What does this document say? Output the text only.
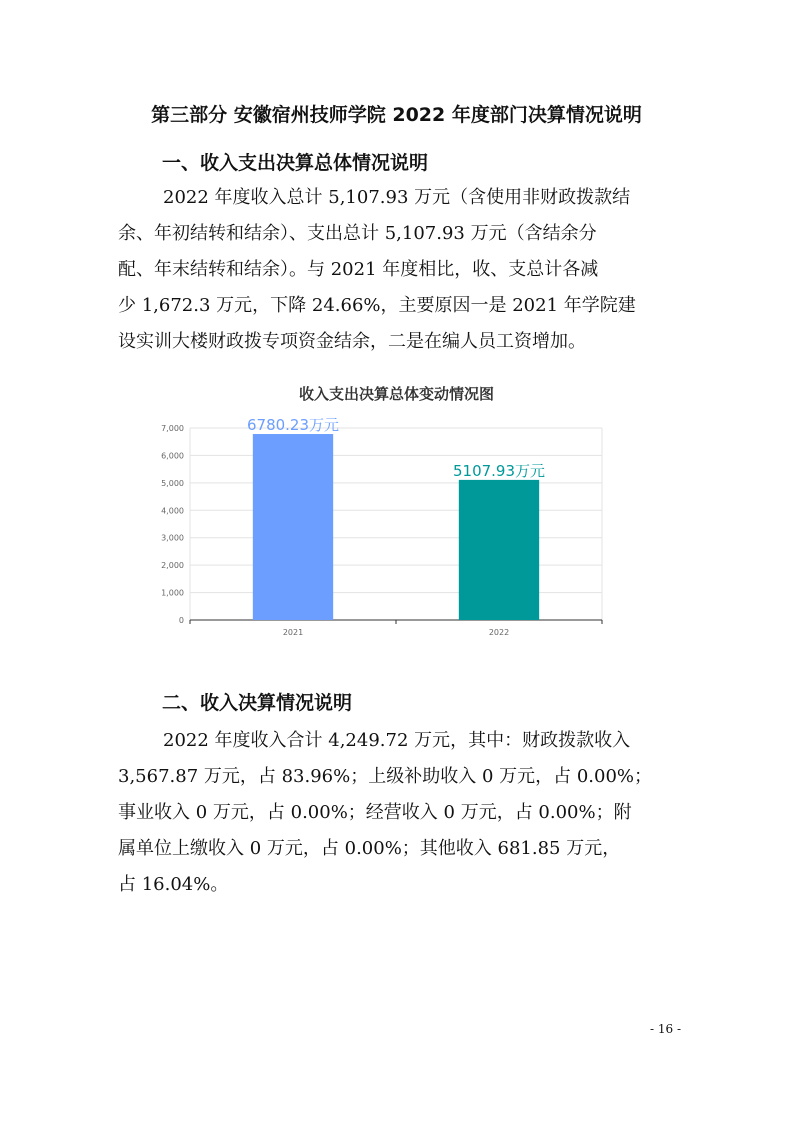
第三部分 安徽宿州技师学院 2022 年度部门决算情况说明
一、收入支出决算总体情况说明

2022 年度收入总计 5,107.93 万元（含使用非财政拨款结

余、年初结转和结余）、支出总计 5,107.93 万元（含结余分

配、年末结转和结余）。与 2021 年度相比，收、支总计各减

少 1,672.3 万元，下降 24.66%，主要原因一是 2021 年学院建

设实训大楼财政拨专项资金结余，二是在编人员工资增加。

收入支出决算总体变动情况图
0
1,000
2,000
3,000
4,000
5,000
6,000
7,000	6780.23万元
2021
5107.93万元
2022
二、收入决算情况说明

2022 年度收入合计 4,249.72 万元，其中：财政拨款收入

3,567.87 万元，占 83.96%；上级补助收入 0 万元，占 0.00%；

事业收入 0 万元，占 0.00%；经营收入 0 万元，占 0.00%；附

属单位上缴收入 0 万元，占 0.00%；其他收入 681.85 万元，

占 16.04%。

- 16 -
